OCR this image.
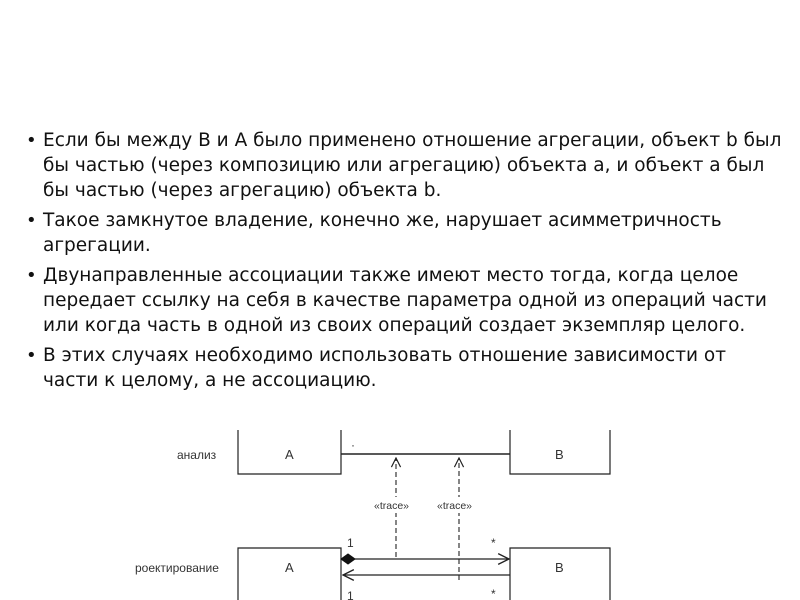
• Если бы между B и A было применено отношение агрегации, объект b был бы частью (через композицию или агрегацию) объекта a, и объект a был бы частью (через агрегацию) объекта b.
• Такое замкнутое владение, конечно же, нарушает асимметричность агрегации.
• Двунаправленные ассоциации также имеют место тогда, когда целое передает ссылку на себя в качестве параметра одной из операций части или когда часть в одной из своих операций создает экземпляр целого.
• В этих случаях необходимо использовать отношение зависимости от части к целому, а не ассоциацию.
анализ	A	B
·
«trace»	«trace»
роектирование	A	B
1	*
1	*
